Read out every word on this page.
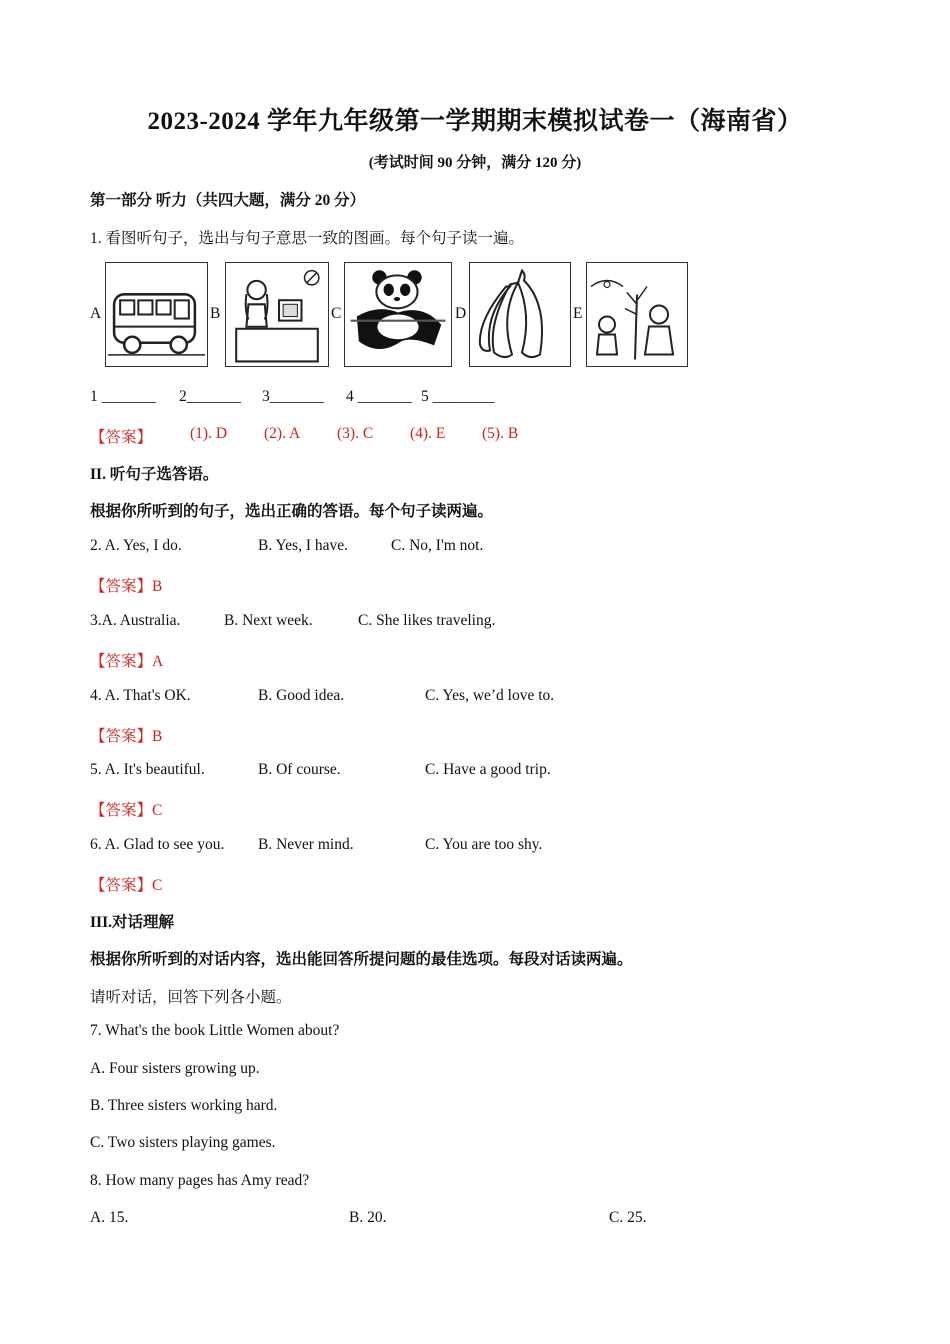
2023-2024 学年九年级第一学期期末模拟试卷一（海南省）
(考试时间 90 分钟，满分 120 分)
第一部分 听力（共四大题，满分 20 分）
1. 看图听句子，选出与句子意思一致的图画。每个句子读一遍。
A	B	C	D	E
1 _______ 2_______ 3_______ 4 _______ 5 ________
【答案】 (1). D (2). A (3). C (4). E (5). B
II. 听句子选答语。
根据你所听到的句子，选出正确的答语。每个句子读两遍。
2. A. Yes, I do.	B. Yes, I have.	C. No, I'm not.
【答案】B
3.A. Australia.	B. Next week.	C. She likes traveling.
【答案】A
4. A. That's OK.	B. Good idea.	C. Yes, we’d love to.
【答案】B
5. A. It's beautiful.	B. Of course.	C. Have a good trip.
【答案】C
6. A. Glad to see you. B. Never mind.	C. You are too shy.
【答案】C
III.对话理解
根据你所听到的对话内容，选出能回答所提问题的最佳选项。每段对话读两遍。
请听对话，回答下列各小题。
7. What's the book Little Women about?
A. Four sisters growing up.
B. Three sisters working hard.
C. Two sisters playing games.
8. How many pages has Amy read?
A. 15.	B. 20.	C. 25.
